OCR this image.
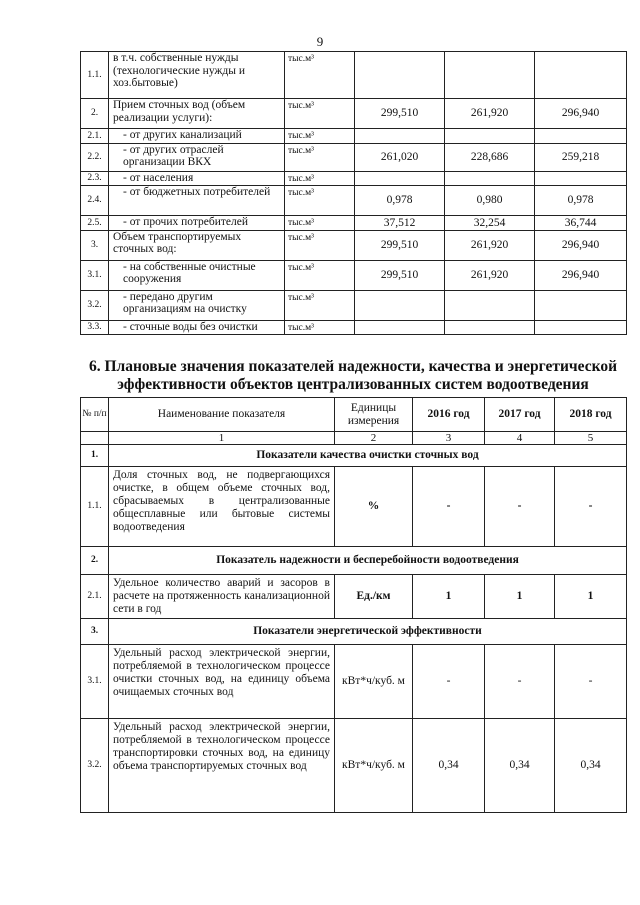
9
1.1.	в т.ч. собственные нужды (технологические нужды и хоз.бытовые)	тыс.м³			
2.	Прием сточных вод (объем реализации услуги):	тыс.м³	299,510	261,920	296,940
2.1.	- от других канализаций	тыс.м³			
2.2.	- от других отраслей организации ВКХ	тыс.м³	261,020	228,686	259,218
2.3.	- от населения	тыс.м³			
2.4.	- от бюджетных потребителей	тыс.м³	0,978	0,980	0,978
2.5.	- от прочих потребителей	тыс.м³	37,512	32,254	36,744
3.	Объем транспортируемых сточных вод:	тыс.м³	299,510	261,920	296,940
3.1.	- на собственные очистные сооружения	тыс.м³	299,510	261,920	296,940
3.2.	- передано другим организациям на очистку	тыс.м³			
3.3.	- сточные воды без очистки	тыс.м³			
6. Плановые значения показателей надежности, качества и энергетической
эффективности объектов централизованных систем водоотведения
№ п/п	Наименование показателя	Единицы измерения	2016 год	2017 год	2018 год
	1	2	3	4	5
1.	Показатели качества очистки сточных вод				
1.1.	Доля сточных вод, не подвергающихся очистке, в общем объеме сточных вод, сбрасываемых в централизованные общесплавные или бытовые системы водоотведения	%	-	-	-
2.	Показатель надежности и бесперебойности водоотведения				
2.1.	Удельное количество аварий и засоров в расчете на протяженность канализационной сети в год	Ед./км	1	1	1
3.	Показатели энергетической эффективности				
3.1.	Удельный расход электрической энергии, потребляемой в технологическом процессе очистки сточных вод, на единицу объема очищаемых сточных вод	кВт*ч/куб. м	-	-	-
3.2.	Удельный расход электрической энергии, потребляемой в технологическом процессе транспортировки сточных вод, на единицу объема транспортируемых сточных вод	кВт*ч/куб. м	0,34	0,34	0,34
